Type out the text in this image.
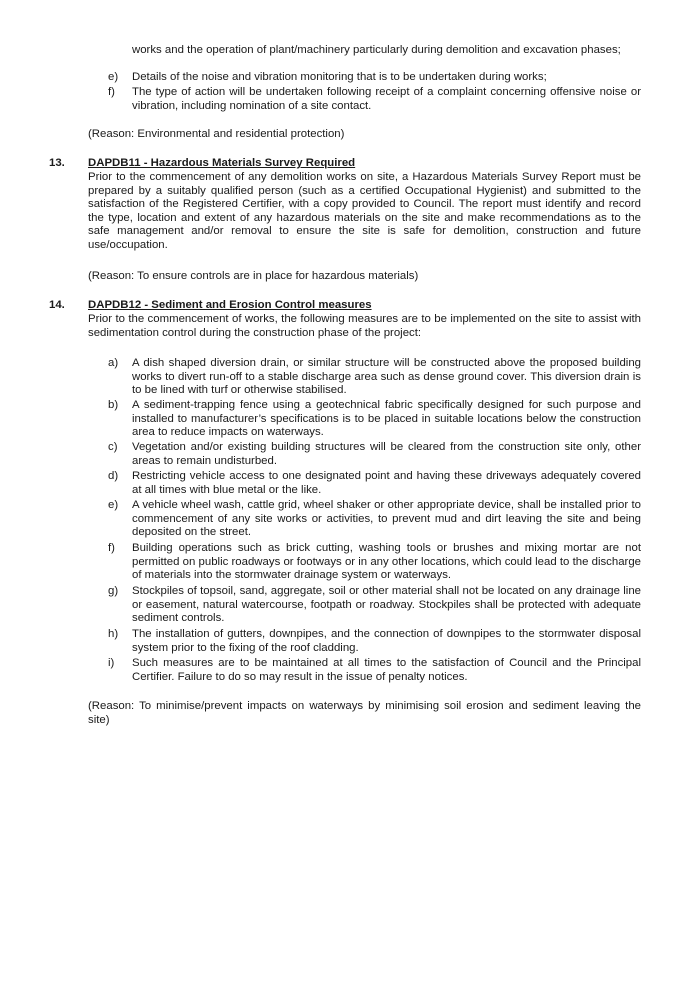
works and the operation of plant/machinery particularly during demolition and excavation phases;
e)	Details of the noise and vibration monitoring that is to be undertaken during works;
f)	The type of action will be undertaken following receipt of a complaint concerning offensive noise or vibration, including nomination of a site contact.
(Reason: Environmental and residential protection)
13. DAPDB11 - Hazardous Materials Survey Required
Prior to the commencement of any demolition works on site, a Hazardous Materials Survey Report must be prepared by a suitably qualified person (such as a certified Occupational Hygienist) and submitted to the satisfaction of the Registered Certifier, with a copy provided to Council. The report must identify and record the type, location and extent of any hazardous materials on the site and make recommendations as to the safe management and/or removal to ensure the site is safe for demolition, construction and future use/occupation.
(Reason: To ensure controls are in place for hazardous materials)
14. DAPDB12 - Sediment and Erosion Control measures
Prior to the commencement of works, the following measures are to be implemented on the site to assist with sedimentation control during the construction phase of the project:
a)	A dish shaped diversion drain, or similar structure will be constructed above the proposed building works to divert run-off to a stable discharge area such as dense ground cover. This diversion drain is to be lined with turf or otherwise stabilised.
b)	A sediment-trapping fence using a geotechnical fabric specifically designed for such purpose and installed to manufacturer’s specifications is to be placed in suitable locations below the construction area to reduce impacts on waterways.
c)	Vegetation and/or existing building structures will be cleared from the construction site only, other areas to remain undisturbed.
d)	Restricting vehicle access to one designated point and having these driveways adequately covered at all times with blue metal or the like.
e)	A vehicle wheel wash, cattle grid, wheel shaker or other appropriate device, shall be installed prior to commencement of any site works or activities, to prevent mud and dirt leaving the site and being deposited on the street.
f)	Building operations such as brick cutting, washing tools or brushes and mixing mortar are not permitted on public roadways or footways or in any other locations, which could lead to the discharge of materials into the stormwater drainage system or waterways.
g)	Stockpiles of topsoil, sand, aggregate, soil or other material shall not be located on any drainage line or easement, natural watercourse, footpath or roadway. Stockpiles shall be protected with adequate sediment controls.
h)	The installation of gutters, downpipes, and the connection of downpipes to the stormwater disposal system prior to the fixing of the roof cladding.
i)	Such measures are to be maintained at all times to the satisfaction of Council and the Principal Certifier. Failure to do so may result in the issue of penalty notices.
(Reason: To minimise/prevent impacts on waterways by minimising soil erosion and sediment leaving the site)
